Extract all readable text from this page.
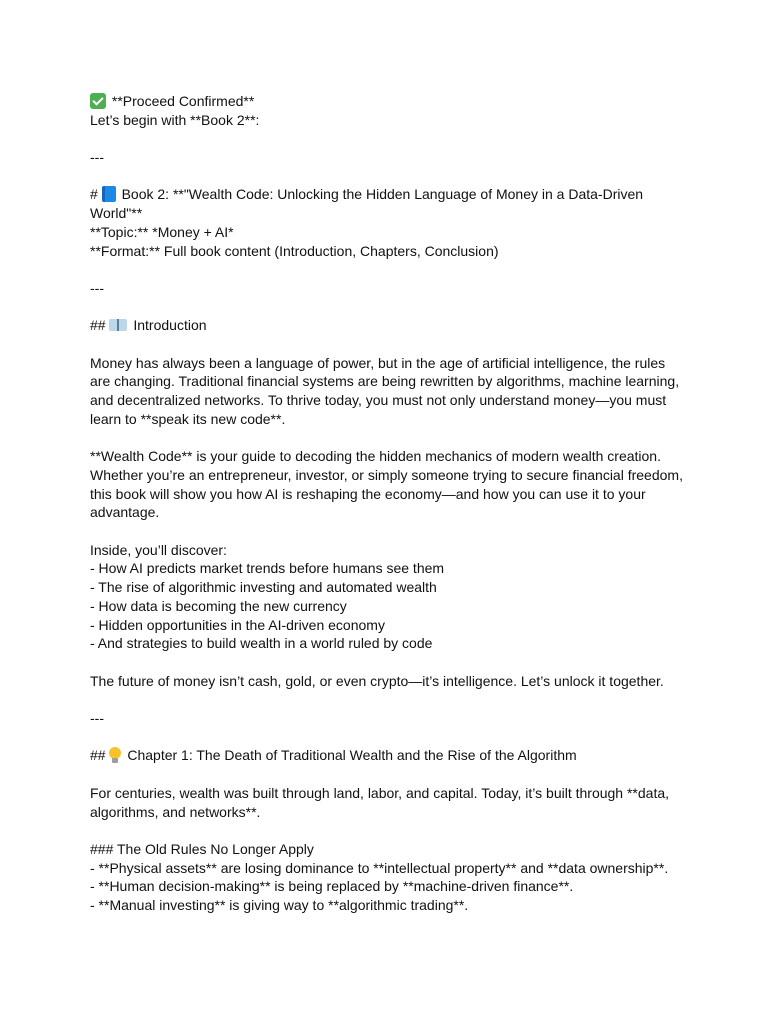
**Proceed Confirmed**

Let’s begin with **Book 2**:

---

#  Book 2: **"Wealth Code: Unlocking the Hidden Language of Money in a Data-Driven

World"**

**Topic:** *Money + AI*

**Format:** Full book content (Introduction, Chapters, Conclusion)

---

##  Introduction

Money has always been a language of power, but in the age of artificial intelligence, the rules

are changing. Traditional financial systems are being rewritten by algorithms, machine learning,

and decentralized networks. To thrive today, you must not only understand money—you must

learn to **speak its new code**.

**Wealth Code** is your guide to decoding the hidden mechanics of modern wealth creation.

Whether you’re an entrepreneur, investor, or simply someone trying to secure financial freedom,

this book will show you how AI is reshaping the economy—and how you can use it to your

advantage.

Inside, you’ll discover:

- How AI predicts market trends before humans see them

- The rise of algorithmic investing and automated wealth

- How data is becoming the new currency

- Hidden opportunities in the AI-driven economy

- And strategies to build wealth in a world ruled by code

The future of money isn’t cash, gold, or even crypto—it’s intelligence. Let’s unlock it together.

---

##  Chapter 1: The Death of Traditional Wealth and the Rise of the Algorithm

For centuries, wealth was built through land, labor, and capital. Today, it’s built through **data,

algorithms, and networks**.

### The Old Rules No Longer Apply

- **Physical assets** are losing dominance to **intellectual property** and **data ownership**.

- **Human decision-making** is being replaced by **machine-driven finance**.

- **Manual investing** is giving way to **algorithmic trading**.
